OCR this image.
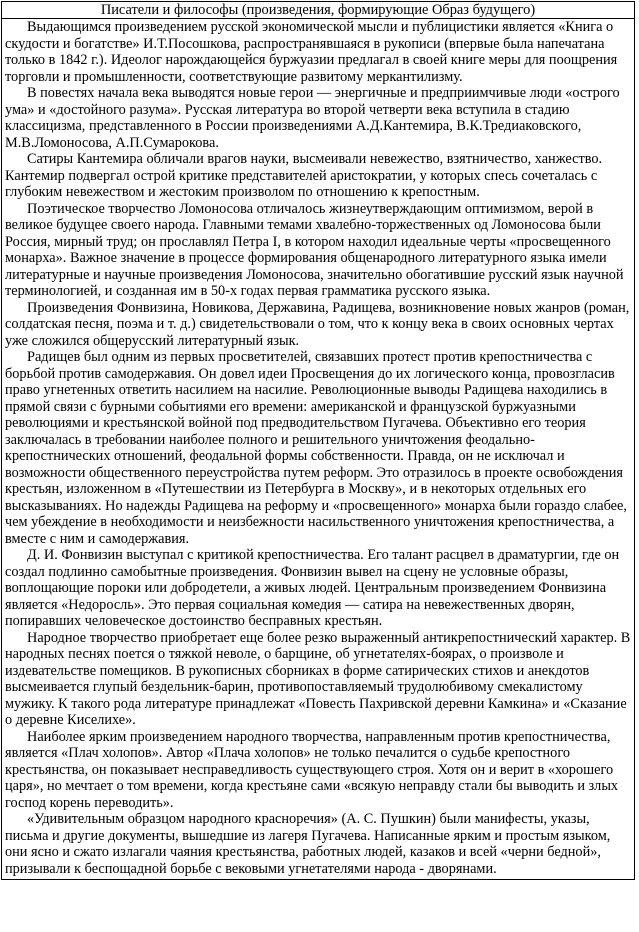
Писатели и философы (произведения, формирующие Образ будущего)

Выдающимся произведением русской экономической мысли и публицистики является «Книга о скудости и богатстве» И.Т.Посошкова, распространявшаяся в рукописи (впервые была напечатана только в 1842 г.). Идеолог нарождающейся буржуазии предлагал в своей книге меры для поощрения торговли и промышленности, соответствующие развитому меркантилизму.

В повестях начала века выводятся новые герои — энергичные и предприимчивые люди «острого ума» и «достойного разума». Русская литература во второй четверти века вступила в стадию классицизма, представленного в России произведениями А.Д.Кантемира, В.К.Тредиаковского, М.В.Ломоносова, А.П.Сумарокова.

Сатиры Кантемира обличали врагов науки, высмеивали невежество, взятничество, ханжество. Кантемир подвергал острой критике представителей аристократии, у которых спесь сочеталась с глубоким невежеством и жестоким произволом по отношению к крепостным.

Поэтическое творчество Ломоносова отличалось жизнеутверждающим оптимизмом, верой в великое будущее своего народа. Главными темами хвалебно-торжественных од Ломоносова были Россия, мирный труд; он прославлял Петра I, в котором находил идеальные черты «просвещенного монарха». Важное значение в процессе формирования общенародного литературного языка имели литературные и научные произведения Ломоносова, значительно обогатившие русский язык научной терминологией, и созданная им в 50-х годах первая грамматика русского языка.

Произведения Фонвизина, Новикова, Державина, Радищева, возникновение новых жанров (роман, солдатская песня, поэма и т. д.) свидетельствовали о том, что к концу века в своих основных чертах уже сложился общерусский литературный язык.

Радищев был одним из первых просветителей, связавших протест против крепостничества с борьбой против самодержавия. Он довел идеи Просвещения до их логического конца, провозгласив право угнетенных ответить насилием на насилие. Революционные выводы Радищева находились в прямой связи с бурными событиями его времени: американской и французской буржуазными революциями и крестьянской войной под предводительством Пугачева. Объективно его теория заключалась в требовании наиболее полного и решительного уничтожения феодально-крепостнических отношений, феодальной формы собственности. Правда, он не исключал и возможности общественного переустройства путем реформ. Это отразилось в проекте освобождения крестьян, изложенном в «Путешествии из Петербурга в Москву», и в некоторых отдельных его высказываниях. Но надежды Радищева на реформу и «просвещенного» монарха были гораздо слабее, чем убеждение в необходимости и неизбежности насильственного уничтожения крепостничества, а вместе с ним и самодержавия.

Д. И. Фонвизин выступал с критикой крепостничества. Его талант расцвел в драматургии, где он создал подлинно самобытные произведения. Фонвизин вывел на сцену не условные образы, воплощающие пороки или добродетели, а живых людей. Центральным произведением Фонвизина является «Недоросль». Это первая социальная комедия — сатира на невежественных дворян, попиравших человеческое достоинство бесправных крестьян.

Народное творчество приобретает еще более резко выраженный антикрепостнический характер. В народных песнях поется о тяжкой неволе, о барщине, об угнетателях-боярах, о произволе и издевательстве помещиков. В рукописных сборниках в форме сатирических стихов и анекдотов высмеивается глупый бездельник-барин, противопоставляемый трудолюбивому смекалистому мужику. К такого рода литературе принадлежат «Повесть Пахривской деревни Камкина» и «Сказание о деревне Киселихе».

Наиболее ярким произведением народного творчества, направленным против крепостничества, является «Плач холопов». Автор «Плача холопов» не только печалится о судьбе крепостного крестьянства, он показывает несправедливость существующего строя. Хотя он и верит в «хорошего царя», но мечтает о том времени, когда крестьяне сами «всякую неправду стали бы выводить и злых господ корень переводить».

«Удивительным образцом народного красноречия» (А. С. Пушкин) были манифесты, указы, письма и другие документы, вышедшие из лагеря Пугачева. Написанные ярким и простым языком, они ясно и сжато излагали чаяния крестьянства, работных людей, казаков и всей «черни бедной», призывали к беспощадной борьбе с вековыми угнетателями народа - дворянами.
